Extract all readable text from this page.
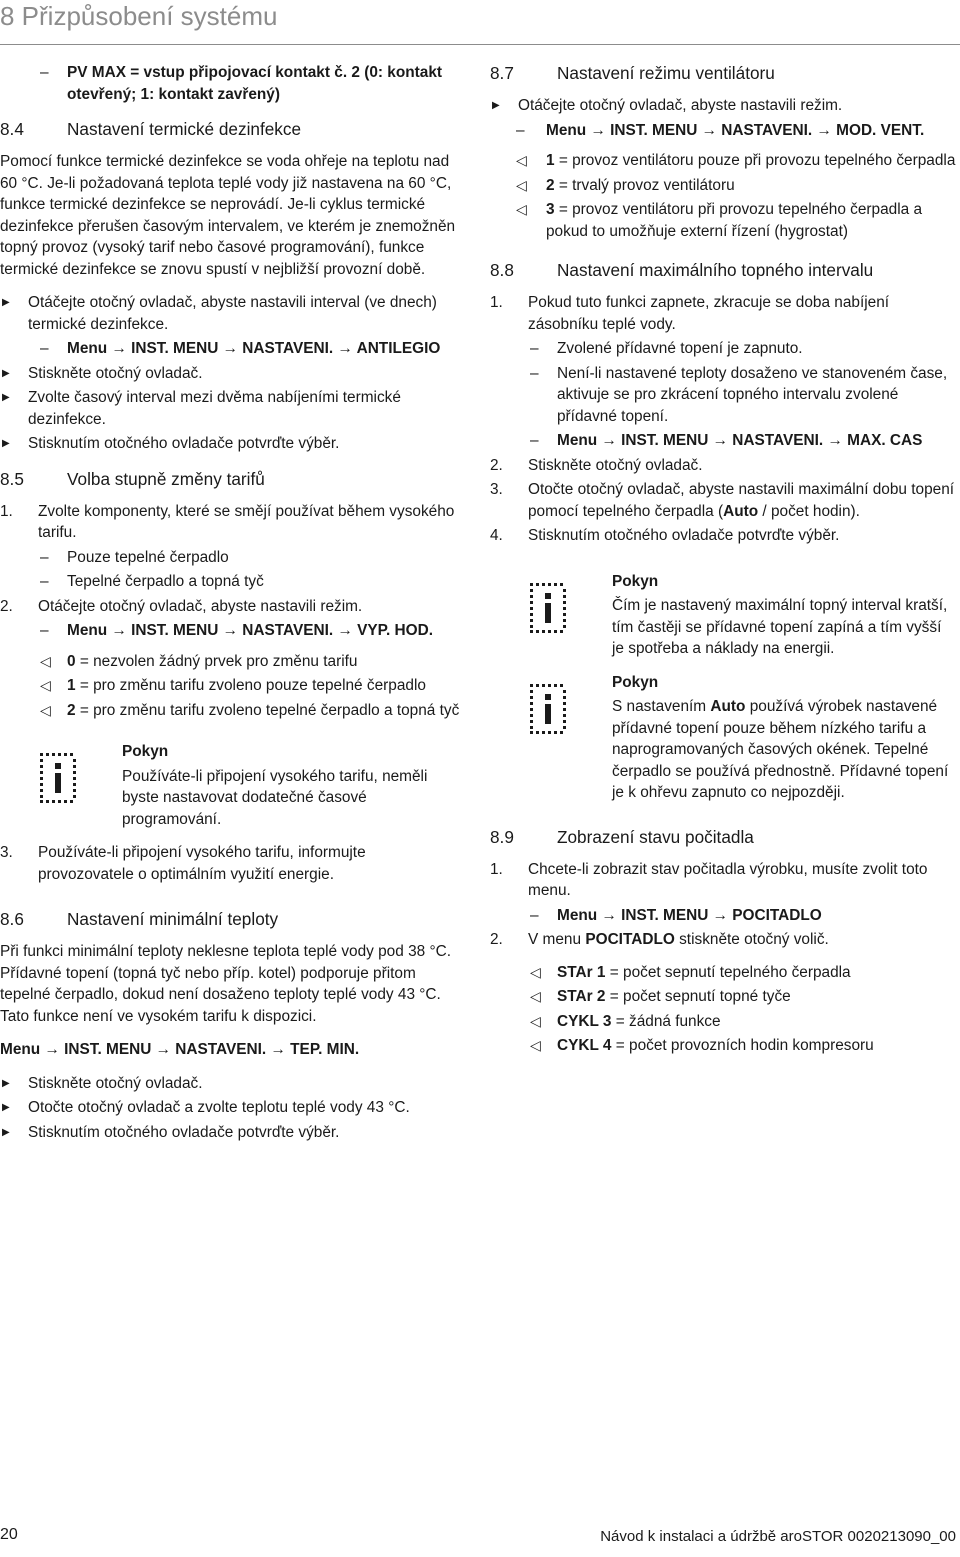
8 Přizpůsobení systému
– PV MAX = vstup připojovací kontakt č. 2 (0: kontakt otevřený; 1: kontakt zavřený)
8.4	Nastavení termické dezinfekce

Pomocí funkce termické dezinfekce se voda ohřeje na teplotu nad 60 °C. Je-li požadovaná teplota teplé vody již nastavena na 60 °C, funkce termické dezinfekce se neprovádí. Je-li cyklus termické dezinfekce přerušen časovým intervalem, ve kterém je znemožněn topný provoz (vysoký tarif nebo časové programování), funkce termické dezinfekce se znovu spustí v nejbližší provozní době.

▶ Otáčejte otočný ovladač, abyste nastavili interval (ve dnech) termické dezinfekce.
– Menu → INST. MENU → NASTAVENI. → ANTILEGIO
▶ Stiskněte otočný ovladač.
▶ Zvolte časový interval mezi dvěma nabíjeními termické dezinfekce.
▶ Stisknutím otočného ovladače potvrďte výběr.
8.5	Volba stupně změny tarifů
1. Zvolte komponenty, které se smějí používat během vysokého tarifu.
– Pouze tepelné čerpadlo
– Tepelné čerpadlo a topná tyč
2. Otáčejte otočný ovladač, abyste nastavili režim.
– Menu → INST. MENU → NASTAVENI. → VYP. HOD.
◁ 0 = nezvolen žádný prvek pro změnu tarifu
◁ 1 = pro změnu tarifu zvoleno pouze tepelné čerpadlo
◁ 2 = pro změnu tarifu zvoleno tepelné čerpadlo a topná tyč
Pokyn
Používáte-li připojení vysokého tarifu, neměli byste nastavovat dodatečné časové programování.
3. Používáte-li připojení vysokého tarifu, informujte provozovatele o optimálním využití energie.
8.6	Nastavení minimální teploty

Při funkci minimální teploty neklesne teplota teplé vody pod 38 °C. Přídavné topení (topná tyč nebo příp. kotel) podporuje přitom tepelné čerpadlo, dokud není dosaženo teploty teplé vody 43 °C. Tato funkce není ve vysokém tarifu k dispozici.

Menu → INST. MENU → NASTAVENI. → TEP. MIN.

▶ Stiskněte otočný ovladač.
▶ Otočte otočný ovladač a zvolte teplotu teplé vody 43 °C.
▶ Stisknutím otočného ovladače potvrďte výběr.
8.7	Nastavení režimu ventilátoru
▶ Otáčejte otočný ovladač, abyste nastavili režim.
– Menu → INST. MENU → NASTAVENI. → MOD. VENT.
◁ 1 = provoz ventilátoru pouze při provozu tepelného čerpadla
◁ 2 = trvalý provoz ventilátoru
◁ 3 = provoz ventilátoru při provozu tepelného čerpadla a pokud to umožňuje externí řízení (hygrostat)
8.8	Nastavení maximálního topného intervalu
1. Pokud tuto funkci zapnete, zkracuje se doba nabíjení zásobníku teplé vody.
– Zvolené přídavné topení je zapnuto.
– Není-li nastavené teploty dosaženo ve stanoveném čase, aktivuje se pro zkrácení topného intervalu zvolené přídavné topení.
– Menu → INST. MENU → NASTAVENI. → MAX. CAS
2. Stiskněte otočný ovladač.
3. Otočte otočný ovladač, abyste nastavili maximální dobu topení pomocí tepelného čerpadla (Auto / počet hodin).
4. Stisknutím otočného ovladače potvrďte výběr.
Pokyn
Čím je nastavený maximální topný interval kratší, tím častěji se přídavné topení zapíná a tím vyšší je spotřeba a náklady na energii.
Pokyn
S nastavením Auto používá výrobek nastavené přídavné topení pouze během nízkého tarifu a naprogramovaných časových okének. Tepelné čerpadlo se používá přednostně. Přídavné topení je k ohřevu zapnuto co nejpozději.
8.9	Zobrazení stavu počitadla
1. Chcete-li zobrazit stav počitadla výrobku, musíte zvolit toto menu.
– Menu → INST. MENU → POCITADLO
2. V menu POCITADLO stiskněte otočný volič.
◁ STAr 1 = počet sepnutí tepelného čerpadla
◁ STAr 2 = počet sepnutí topné tyče
◁ CYKL 3 = žádná funkce
◁ CYKL 4 = počet provozních hodin kompresoru
20	Návod k instalaci a údržbě aroSTOR 0020213090_00
